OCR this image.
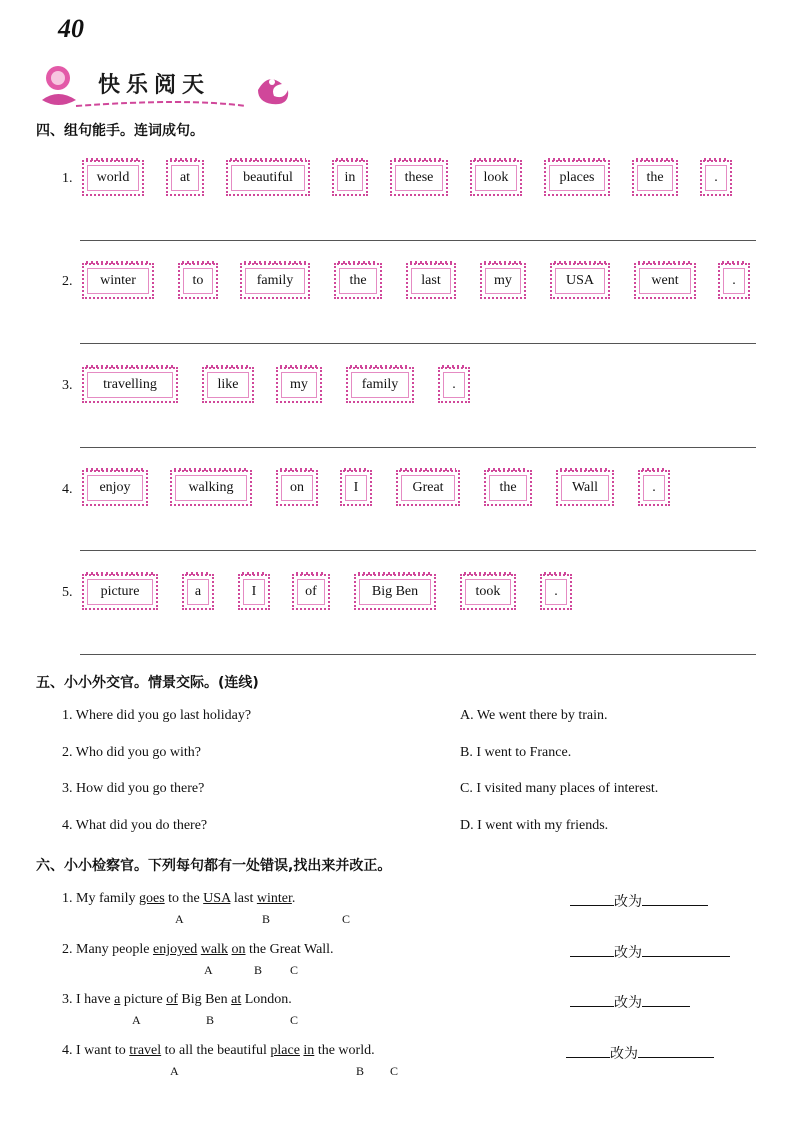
40
快乐阅天
四、组句能手。连词成句。
1.	world	at	beautiful	in	these	look	places	the	.
2.	winter	to	family	the	last	my	USA	went	.
3.	travelling	like	my	family	.
4.	enjoy	walking	on	I	Great	the	Wall	.
5.	picture	a	I	of	Big Ben	took	.
五、小小外交官。情景交际。(连线)
1. Where did you go last holiday?
2. Who did you go with?
3. How did you go there?
4. What did you do there?
A. We went there by train.
B. I went to France.
C. I visited many places of interest.
D. I went with my friends.
六、小小检察官。下列每句都有一处错误,找出来并改正。
1. My family goes to the USA last winter.
A	B	C
改为
2. Many people enjoyed walk on the Great Wall.
A	B C
改为
3. I have a picture of Big Ben at London.
A	B	C
改为
4. I want to travel to all the beautiful place in the world.
A	B C
改为
